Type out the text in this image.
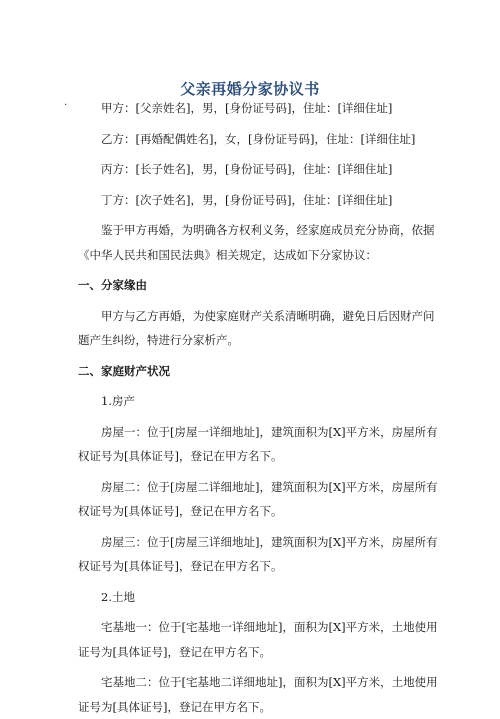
父亲再婚分家协议书
·	甲方：[父亲姓名]，男，[身份证号码]，住址：[详细住址]

乙方：[再婚配偶姓名]，女，[身份证号码]，住址：[详细住址]

丙方：[长子姓名]，男，[身份证号码]，住址：[详细住址]

丁方：[次子姓名]，男，[身份证号码]，住址：[详细住址]

鉴于甲方再婚，为明确各方权利义务，经家庭成员充分协商，依据《中华人民共和国民法典》相关规定，达成如下分家协议：

一、分家缘由

甲方与乙方再婚，为使家庭财产关系清晰明确，避免日后因财产问题产生纠纷，特进行分家析产。

二、家庭财产状况

1.房产

房屋一：位于[房屋一详细地址]，建筑面积为[X]平方米，房屋所有权证号为[具体证号]，登记在甲方名下。

房屋二：位于[房屋二详细地址]，建筑面积为[X]平方米，房屋所有权证号为[具体证号]，登记在甲方名下。

房屋三：位于[房屋三详细地址]，建筑面积为[X]平方米，房屋所有权证号为[具体证号]，登记在甲方名下。

2.土地

宅基地一：位于[宅基地一详细地址]，面积为[X]平方米，土地使用证号为[具体证号]，登记在甲方名下。

宅基地二：位于[宅基地二详细地址]，面积为[X]平方米，土地使用证号为[具体证号]，登记在甲方名下。
